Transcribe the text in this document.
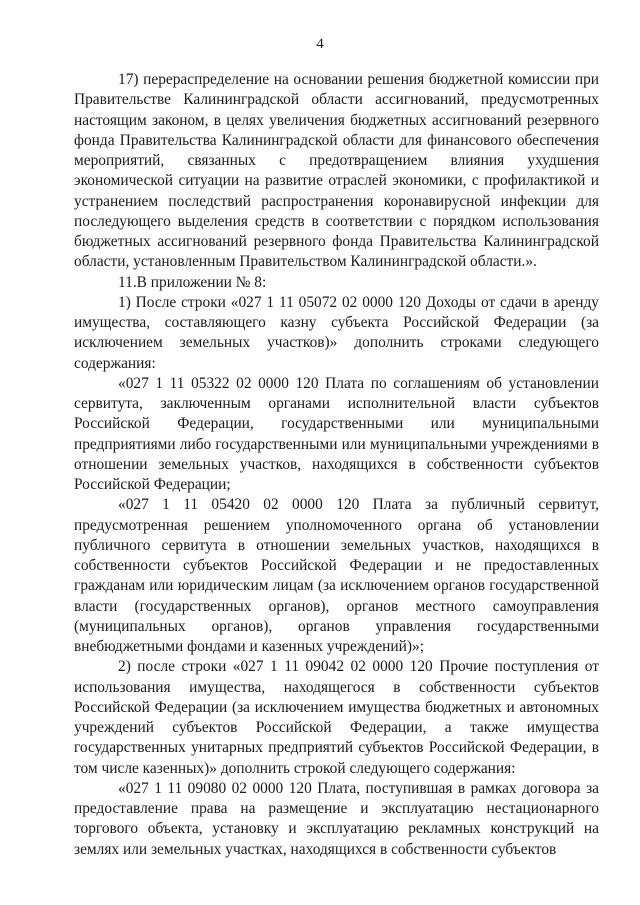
4

17) перераспределение на основании решения бюджетной комиссии при Правительстве Калининградской области ассигнований, предусмотренных настоящим законом, в целях увеличения бюджетных ассигнований резервного фонда Правительства Калининградской области для финансового обеспечения мероприятий, связанных с предотвращением влияния ухудшения экономической ситуации на развитие отраслей экономики, с профилактикой и устранением последствий распространения коронавирусной инфекции для последующего выделения средств в соответствии с порядком использования бюджетных ассигнований резервного фонда Правительства Калининградской области, установленным Правительством Калининградской области.».

11.В приложении № 8:

1) После строки «027 1 11 05072 02 0000 120 Доходы от сдачи в аренду имущества, составляющего казну субъекта Российской Федерации (за исключением земельных участков)» дополнить строками следующего содержания:

«027 1 11 05322 02 0000 120 Плата по соглашениям об установлении сервитута, заключенным органами исполнительной власти субъектов Российской Федерации, государственными или муниципальными предприятиями либо государственными или муниципальными учреждениями в отношении земельных участков, находящихся в собственности субъектов Российской Федерации;

«027 1 11 05420 02 0000 120 Плата за публичный сервитут, предусмотренная решением уполномоченного органа об установлении публичного сервитута в отношении земельных участков, находящихся в собственности субъектов Российской Федерации и не предоставленных гражданам или юридическим лицам (за исключением органов государственной власти (государственных органов), органов местного самоуправления (муниципальных органов), органов управления государственными внебюджетными фондами и казенных учреждений)»;

2) после строки «027 1 11 09042 02 0000 120 Прочие поступления от использования имущества, находящегося в собственности субъектов Российской Федерации (за исключением имущества бюджетных и автономных учреждений субъектов Российской Федерации, а также имущества государственных унитарных предприятий субъектов Российской Федерации, в том числе казенных)» дополнить строкой следующего содержания:

«027 1 11 09080 02 0000 120 Плата, поступившая в рамках договора за предоставление права на размещение и эксплуатацию нестационарного торгового объекта, установку и эксплуатацию рекламных конструкций на землях или земельных участках, находящихся в собственности субъектов
